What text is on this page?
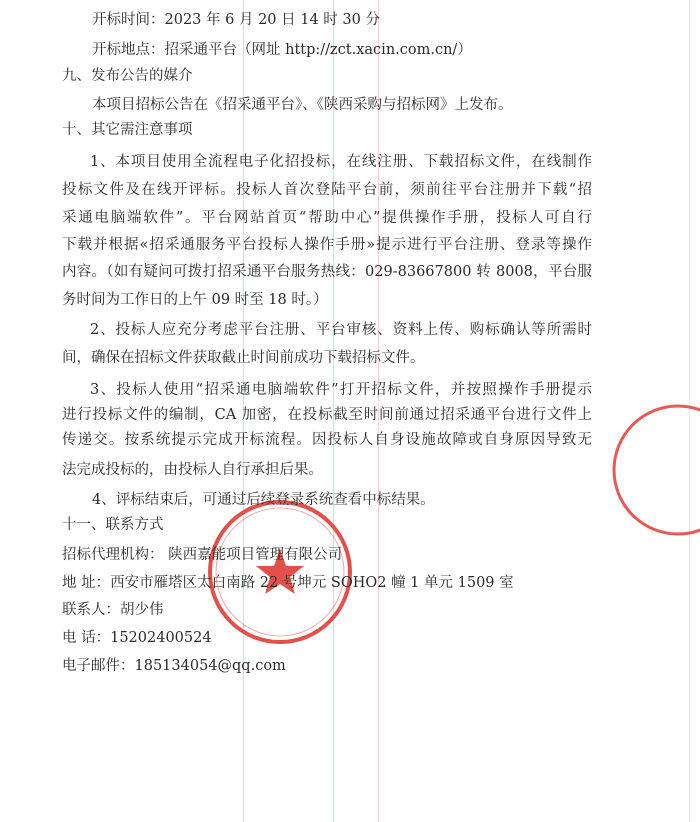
开标时间：2023 年 6 月 20 日 14 时 30 分
开标地点：招采通平台（网址 http://zct.xacin.com.cn/）
九、发布公告的媒介
本项目招标公告在《招采通平台》、《陕西采购与招标网》上发布。
十、其它需注意事项
1、本项目使用全流程电子化招投标，在线注册、下载招标文件，在线制作
投标文件及在线开评标。投标人首次登陆平台前，须前往平台注册并下载“招
采通电脑端软件”。平台网站首页“帮助中心”提供操作手册，投标人可自行
下载并根据«招采通服务平台投标人操作手册»提示进行平台注册、登录等操作
内容。（如有疑问可拨打招采通平台服务热线：029-83667800 转 8008，平台服
务时间为工作日的上午 09 时至 18 时。）
2、投标人应充分考虑平台注册、平台审核、资料上传、购标确认等所需时
间，确保在招标文件获取截止时间前成功下载招标文件。
3、投标人使用“招采通电脑端软件”打开招标文件，并按照操作手册提示
进行投标文件的编制，CA 加密，在投标截至时间前通过招采通平台进行文件上
传递交。按系统提示完成开标流程。因投标人自身设施故障或自身原因导致无
法完成投标的，由投标人自行承担后果。
4、评标结束后，可通过后续登录系统查看中标结果。
十一、联系方式
招标代理机构： 陕西嘉能项目管理有限公司
地 址：西安市雁塔区太白南路 22 号坤元 SOHO2 幢 1 单元 1509 室
联系人：胡少伟
电 话：15202400524
电子邮件：185134054@qq.com
